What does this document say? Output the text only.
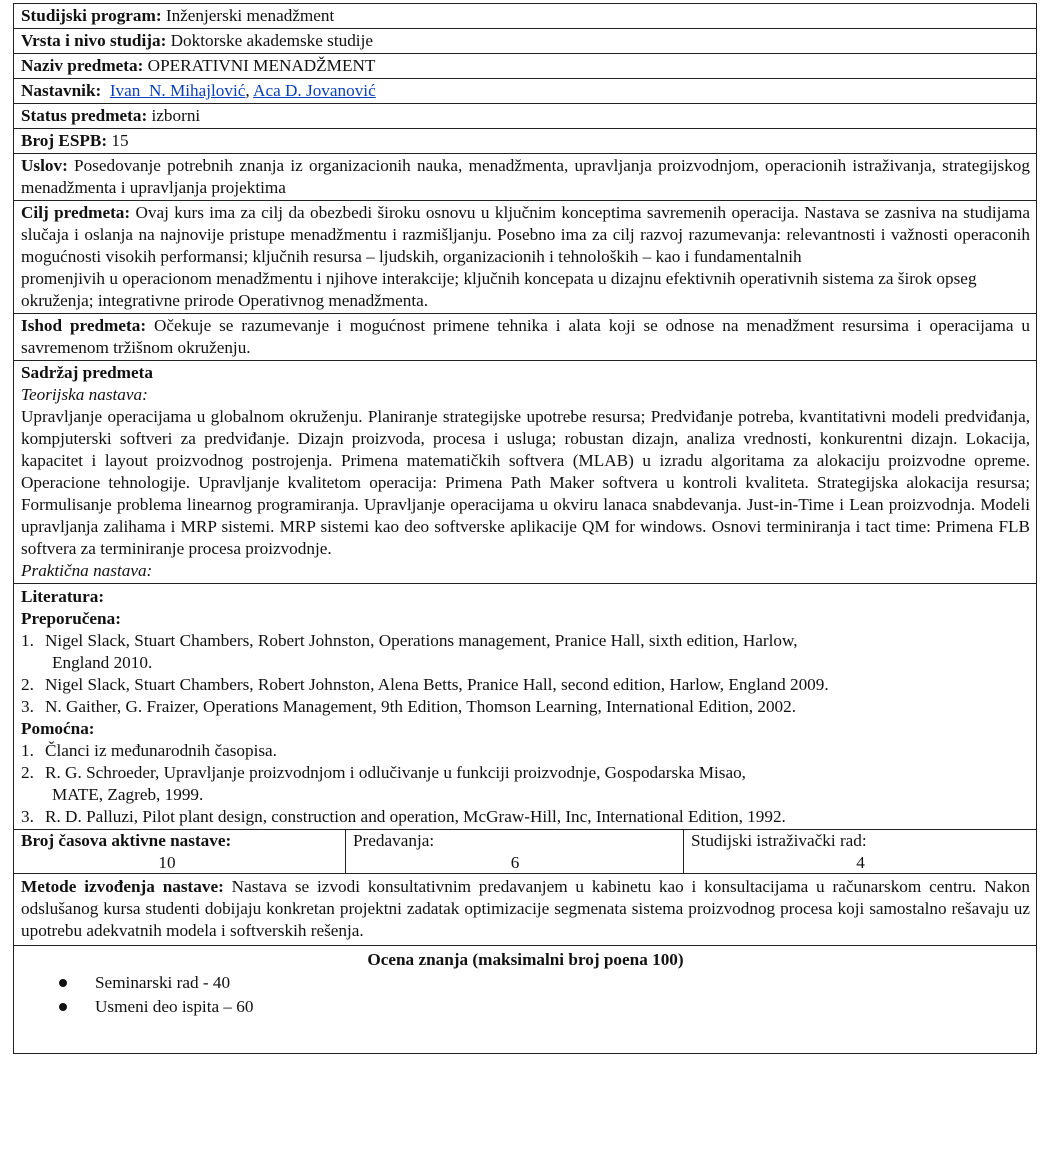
Studijski program: Inženjerski menadžment
Vrsta i nivo studija: Doktorske akademske studije
Naziv predmeta: OPERATIVNI MENADŽMENT
Nastavnik: Ivan_N. Mihajlović, Aca D. Jovanović
Status predmeta: izborni
Broj ESPB: 15
Uslov: Posedovanje potrebnih znanja iz organizacionih nauka, menadžmenta, upravljanja proizvodnjom, operacionih istraživanja, strategijskog menadžmenta i upravljanja projektima
Cilj predmeta: Ovaj kurs ima za cilj da obezbedi široku osnovu u ključnim konceptima savremenih operacija. Nastava se zasniva na studijama slučaja i oslanja na najnovije pristupe menadžmentu i razmišljanju. Posebno ima za cilj razvoj razumevanja: relevantnosti i važnosti operaconih mogućnosti visokih performansi; ključnih resursa – ljudskih, organizacionih i tehnoloških – kao i fundamentalnih
promenjivih u operacionom menadžmentu i njihove interakcije; ključnih koncepata u dizajnu efektivnih operativnih sistema za širok opseg okruženja; integrativne prirode Operativnog menadžmenta.
Ishod predmeta: Očekuje se razumevanje i mogućnost primene tehnika i alata koji se odnose na menadžment resursima i operacijama u savremenom tržišnom okruženju.
Sadržaj predmeta
Teorijska nastava:
Upravljanje operacijama u globalnom okruženju. Planiranje strategijske upotrebe resursa; Predviđanje potreba, kvantitativni modeli predviđanja, kompjuterski softveri za predviđanje. Dizajn proizvoda, procesa i usluga; robustan dizajn, analiza vrednosti, konkurentni dizajn. Lokacija, kapacitet i layout proizvodnog postrojenja. Primena matematičkih softvera (MLAB) u izradu algoritama za alokaciju proizvodne opreme. Operacione tehnologije. Upravljanje kvalitetom operacija: Primena Path Maker softvera u kontroli kvaliteta. Strategijska alokacija resursa; Formulisanje problema linearnog programiranja. Upravljanje operacijama u okviru lanaca snabdevanja. Just-in-Time i Lean proizvodnja. Modeli upravljanja zalihama i MRP sistemi. MRP sistemi kao deo softverske aplikacije QM for windows. Osnovi terminiranja i tact time: Primena FLB softvera za terminiranje procesa proizvodnje.
Praktična nastava:
Literatura:
Preporučena:
1. Nigel Slack, Stuart Chambers, Robert Johnston, Operations management, Pranice Hall, sixth edition, Harlow,
England 2010.
2. Nigel Slack, Stuart Chambers, Robert Johnston, Alena Betts, Pranice Hall, second edition, Harlow, England 2009.
3. N. Gaither, G. Fraizer, Operations Management, 9th Edition, Thomson Learning, International Edition, 2002.
Pomoćna:
1. Članci iz međunarodnih časopisa.
2. R. G. Schroeder, Upravljanje proizvodnjom i odlučivanje u funkciji proizvodnje, Gospodarska Misao,
MATE, Zagreb, 1999.
3. R. D. Palluzi, Pilot plant design, construction and operation, McGraw-Hill, Inc, International Edition, 1992.
Broj časova aktivne nastave:
10
Predavanja:
6
Studijski istraživački rad:
4
Metode izvođenja nastave: Nastava se izvodi konsultativnim predavanjem u kabinetu kao i konsultacijama u računarskom centru. Nakon odslušanog kursa studenti dobijaju konkretan projektni zadatak optimizacije segmenata sistema proizvodnog procesa koji samostalno rešavaju uz upotrebu adekvatnih modela i softverskih rešenja.
Ocena znanja (maksimalni broj poena 100)
Seminarski rad - 40
Usmeni deo ispita – 60
